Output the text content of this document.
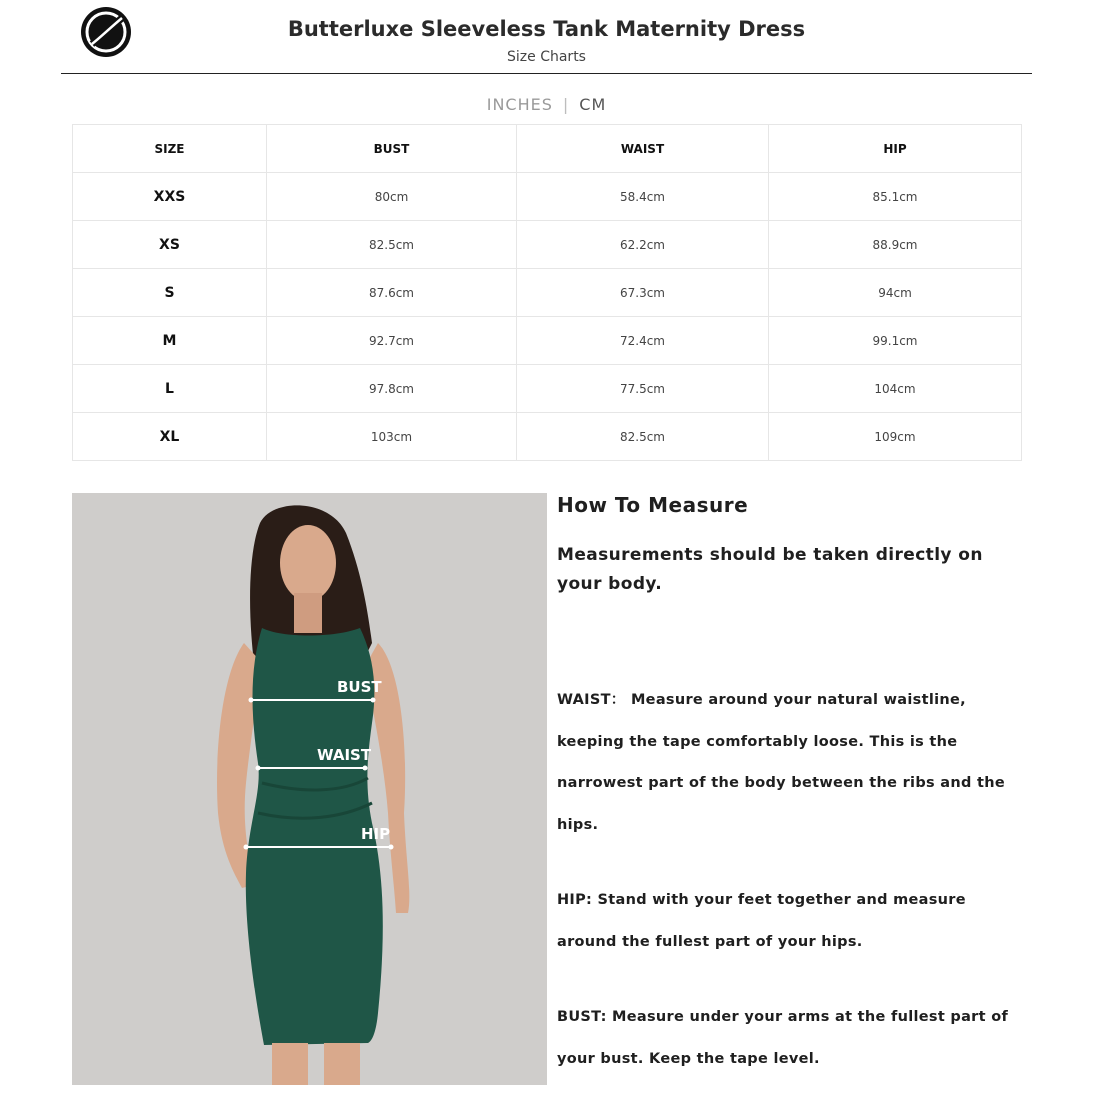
Butterluxe Sleeveless Tank Maternity Dress
Size Charts
INCHES | CM
SIZE	BUST	WAIST	HIP
XXS	80cm	58.4cm	85.1cm
XS	82.5cm	62.2cm	88.9cm
S	87.6cm	67.3cm	94cm
M	92.7cm	72.4cm	99.1cm
L	97.8cm	77.5cm	104cm
XL	103cm	82.5cm	109cm
BUST
WAIST
HIP
How To Measure
Measurements should be taken directly on your body.
WAIST： Measure around your natural waistline, keeping the tape comfortably loose. This is the narrowest part of the body between the ribs and the hips.
HIP: Stand with your feet together and measure around the fullest part of your hips.
BUST: Measure under your arms at the fullest part of your bust. Keep the tape level.
